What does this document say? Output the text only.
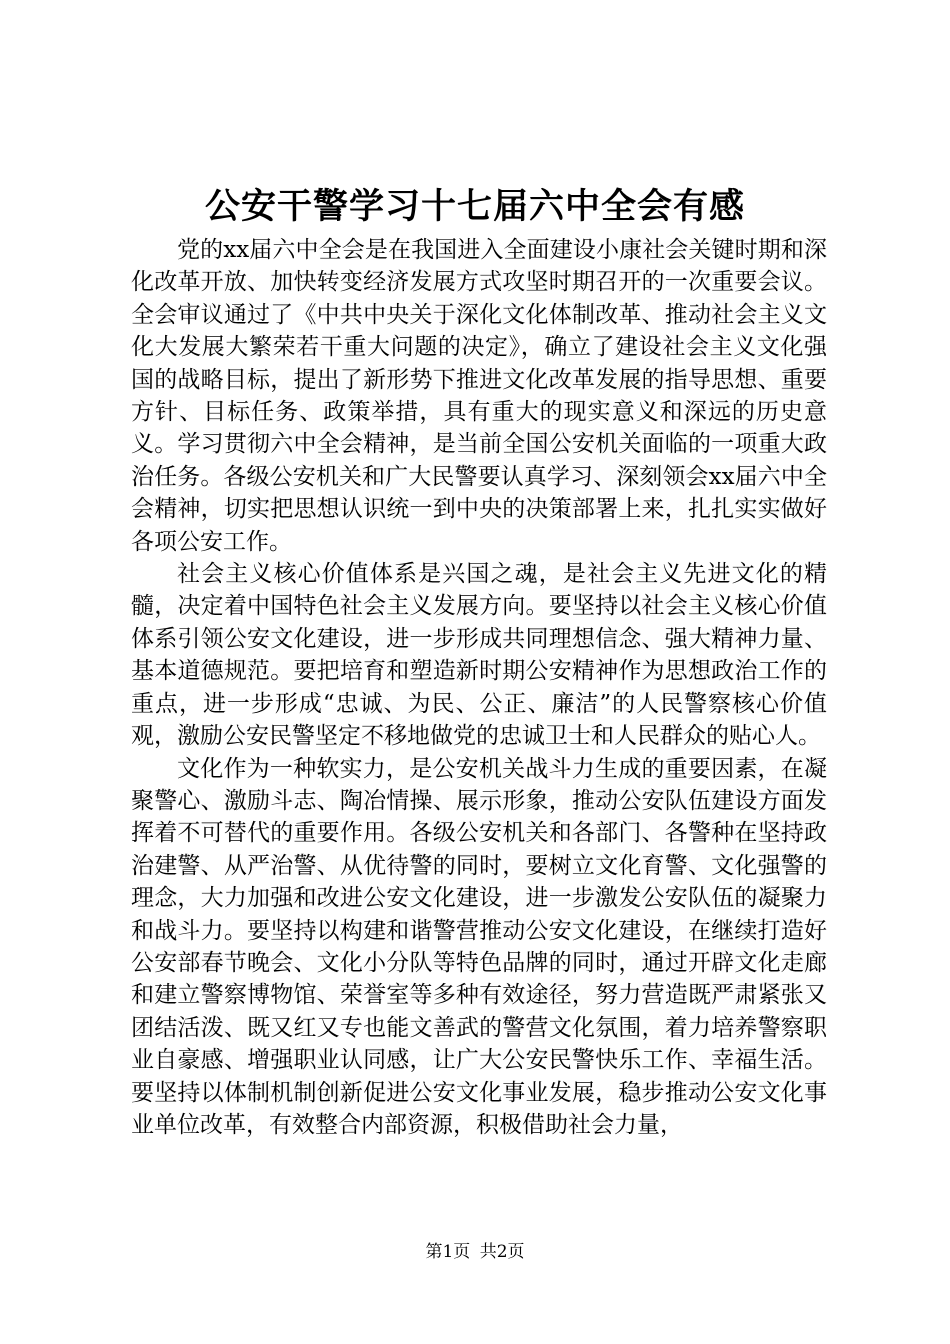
公安干警学习十七届六中全会有感

党的xx届六中全会是在我国进入全面建设小康社会关键时期和深化改革开放、加快转变经济发展方式攻坚时期召开的一次重要会议。全会审议通过了《中共中央关于深化文化体制改革、推动社会主义文化大发展大繁荣若干重大问题的决定》，确立了建设社会主义文化强国的战略目标，提出了新形势下推进文化改革发展的指导思想、重要方针、目标任务、政策举措，具有重大的现实意义和深远的历史意义。学习贯彻六中全会精神，是当前全国公安机关面临的一项重大政治任务。各级公安机关和广大民警要认真学习、深刻领会xx届六中全会精神，切实把思想认识统一到中央的决策部署上来，扎扎实实做好各项公安工作。

社会主义核心价值体系是兴国之魂，是社会主义先进文化的精髓，决定着中国特色社会主义发展方向。要坚持以社会主义核心价值体系引领公安文化建设，进一步形成共同理想信念、强大精神力量、基本道德规范。要把培育和塑造新时期公安精神作为思想政治工作的重点，进一步形成“忠诚、为民、公正、廉洁”的人民警察核心价值观，激励公安民警坚定不移地做党的忠诚卫士和人民群众的贴心人。

文化作为一种软实力，是公安机关战斗力生成的重要因素，在凝聚警心、激励斗志、陶冶情操、展示形象，推动公安队伍建设方面发挥着不可替代的重要作用。各级公安机关和各部门、各警种在坚持政治建警、从严治警、从优待警的同时，要树立文化育警、文化强警的理念，大力加强和改进公安文化建设，进一步激发公安队伍的凝聚力和战斗力。要坚持以构建和谐警营推动公安文化建设，在继续打造好公安部春节晚会、文化小分队等特色品牌的同时，通过开辟文化走廊和建立警察博物馆、荣誉室等多种有效途径，努力营造既严肃紧张又团结活泼、既又红又专也能文善武的警营文化氛围，着力培养警察职业自豪感、增强职业认同感，让广大公安民警快乐工作、幸福生活。要坚持以体制机制创新促进公安文化事业发展，稳步推动公安文化事业单位改革，有效整合内部资源，积极借助社会力量，

第1页 共2页
